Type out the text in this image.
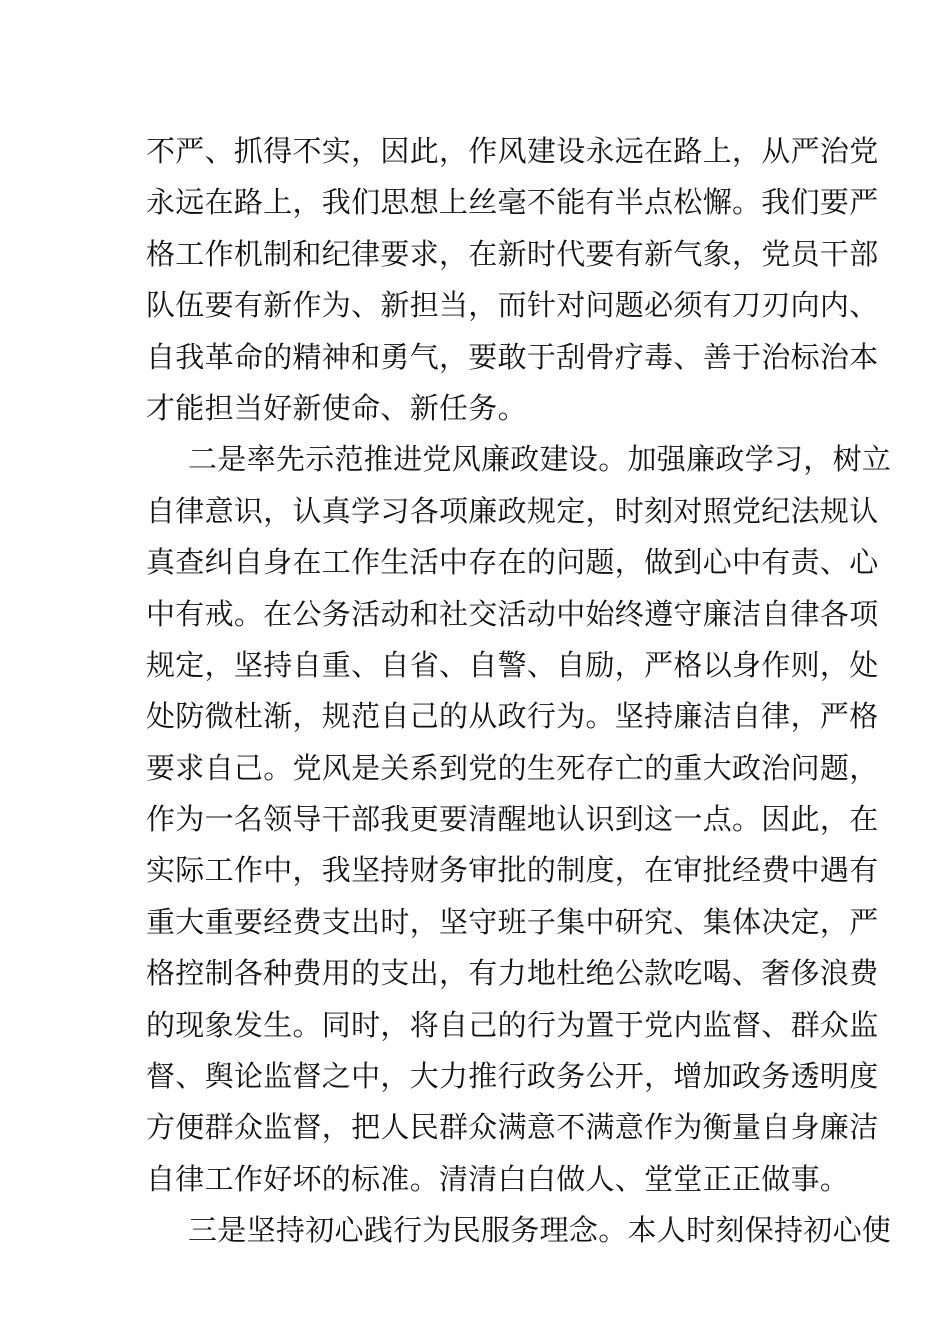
不严、抓得不实，因此，作风建设永远在路上，从严治党
永远在路上，我们思想上丝毫不能有半点松懈。我们要严
格工作机制和纪律要求，在新时代要有新气象，党员干部
队伍要有新作为、新担当，而针对问题必须有刀刃向内、
自我革命的精神和勇气，要敢于刮骨疗毒、善于治标治本
才能担当好新使命、新任务。
二是率先示范推进党风廉政建设。加强廉政学习，树立
自律意识，认真学习各项廉政规定，时刻对照党纪法规认
真查纠自身在工作生活中存在的问题，做到心中有责、心
中有戒。在公务活动和社交活动中始终遵守廉洁自律各项
规定，坚持自重、自省、自警、自励，严格以身作则，处
处防微杜渐，规范自己的从政行为。坚持廉洁自律，严格
要求自己。党风是关系到党的生死存亡的重大政治问题，
作为一名领导干部我更要清醒地认识到这一点。因此，在
实际工作中，我坚持财务审批的制度，在审批经费中遇有
重大重要经费支出时，坚守班子集中研究、集体决定，严
格控制各种费用的支出，有力地杜绝公款吃喝、奢侈浪费
的现象发生。同时，将自己的行为置于党内监督、群众监
督、舆论监督之中，大力推行政务公开，增加政务透明度
方便群众监督，把人民群众满意不满意作为衡量自身廉洁
自律工作好坏的标准。清清白白做人、堂堂正正做事。
三是坚持初心践行为民服务理念。本人时刻保持初心使
